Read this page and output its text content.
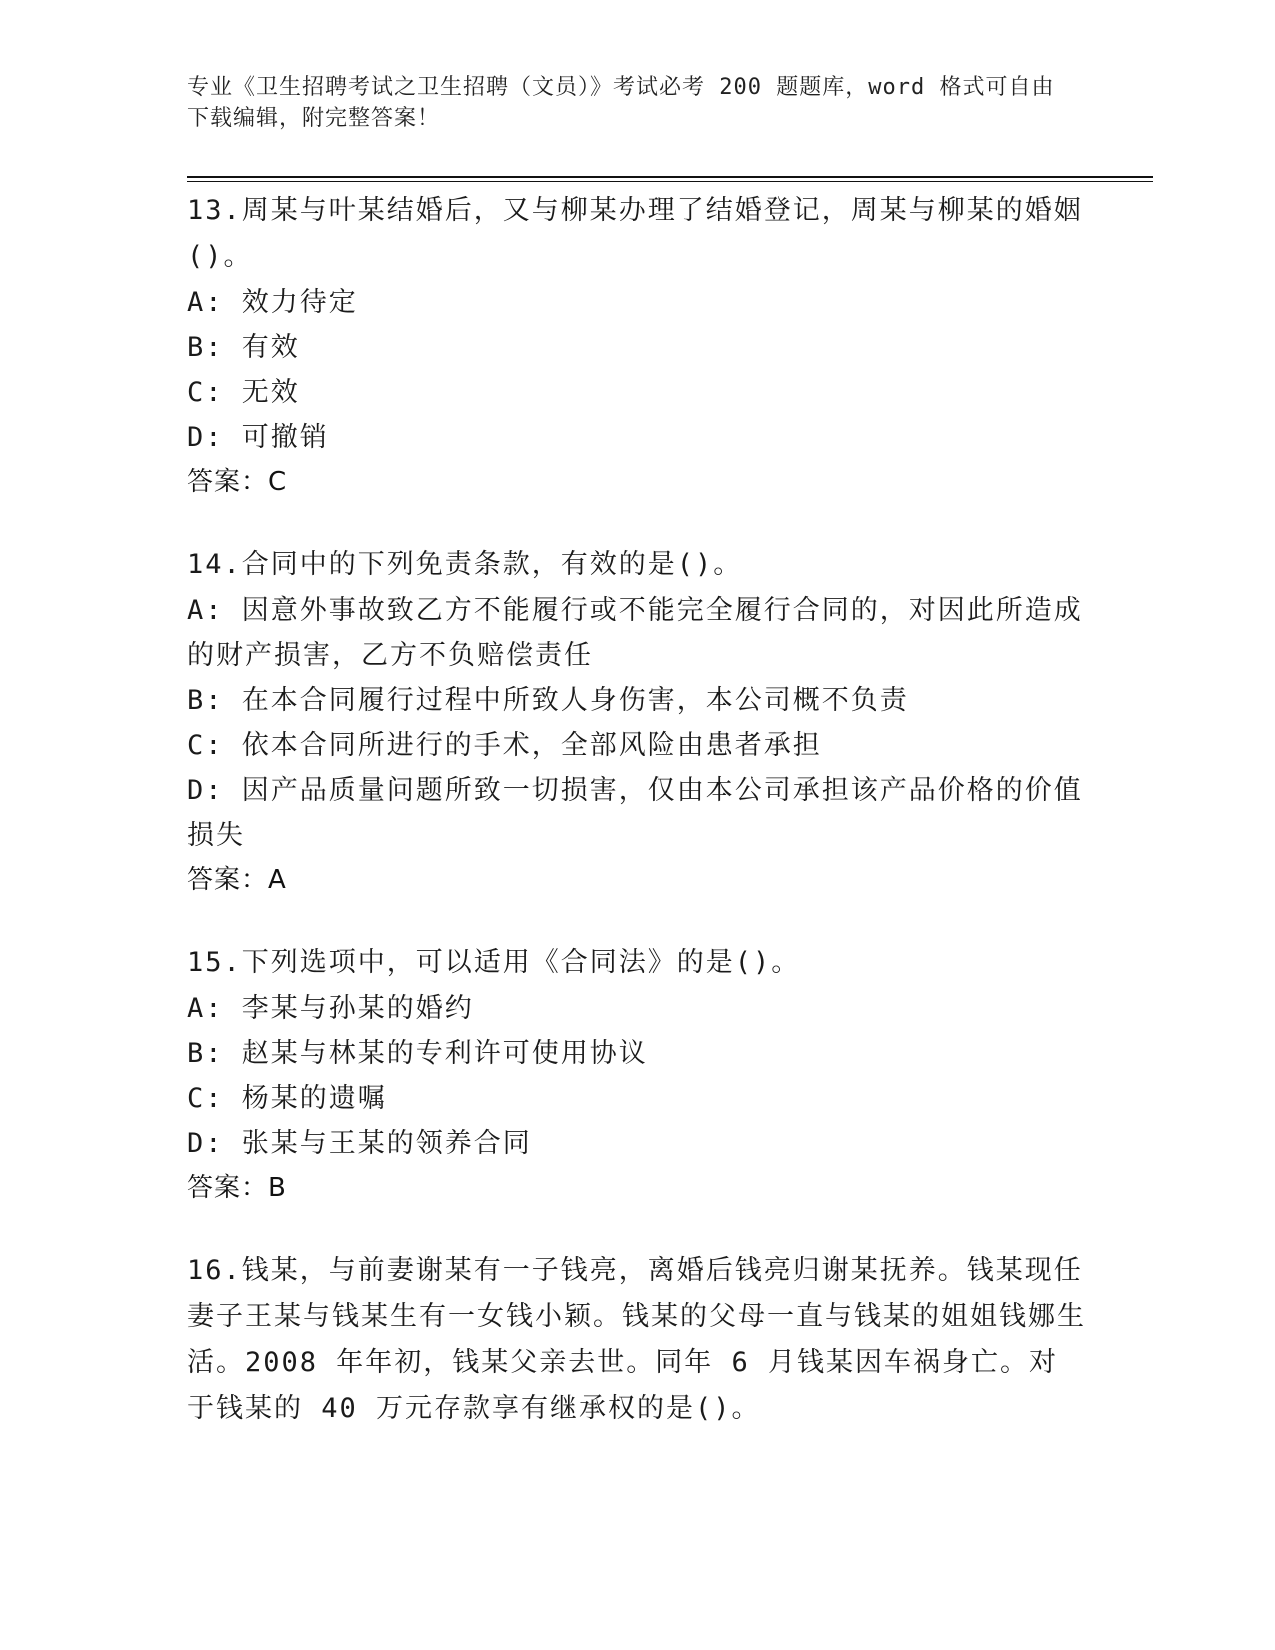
专业《卫生招聘考试之卫生招聘（文员）》考试必考 200 题题库，word 格式可自由下载编辑，附完整答案！
13.周某与叶某结婚后，又与柳某办理了结婚登记，周某与柳某的婚姻()。
A: 效力待定
B: 有效
C: 无效
D: 可撤销
答案：C
14.合同中的下列免责条款，有效的是()。
A: 因意外事故致乙方不能履行或不能完全履行合同的，对因此所造成的财产损害，乙方不负赔偿责任
B: 在本合同履行过程中所致人身伤害，本公司概不负责
C: 依本合同所进行的手术，全部风险由患者承担
D: 因产品质量问题所致一切损害，仅由本公司承担该产品价格的价值损失
答案：A
15.下列选项中，可以适用《合同法》的是()。
A: 李某与孙某的婚约
B: 赵某与林某的专利许可使用协议
C: 杨某的遗嘱
D: 张某与王某的领养合同
答案：B
16.钱某，与前妻谢某有一子钱亮，离婚后钱亮归谢某抚养。钱某现任妻子王某与钱某生有一女钱小颖。钱某的父母一直与钱某的姐姐钱娜生活。2008 年年初，钱某父亲去世。同年 6 月钱某因车祸身亡。对于钱某的 40 万元存款享有继承权的是()。
